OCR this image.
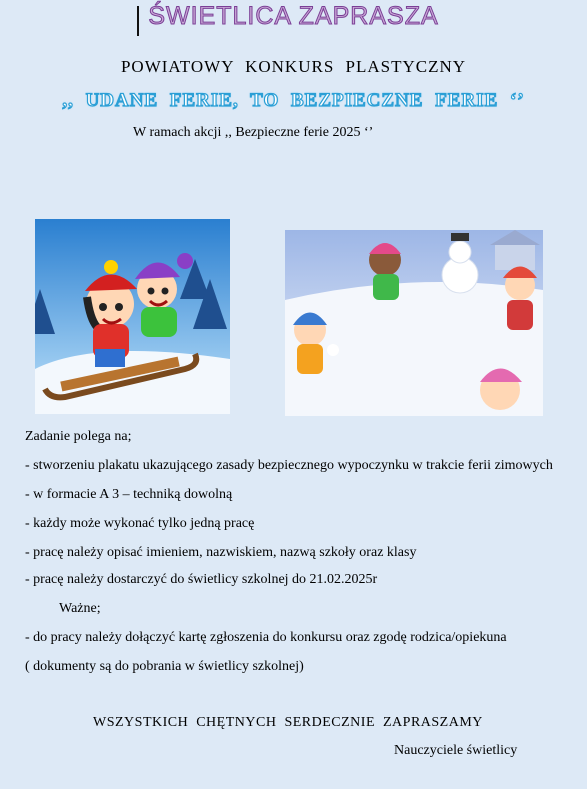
ŚWIETLICA ZAPRASZA
POWIATOWY KONKURS PLASTYCZNY
,, UDANE FERIE, TO BEZPIECZNE FERIE ‘’
W ramach akcji ,, Bezpieczne ferie 2025 ‘’
Zadanie polega na;
- stworzeniu plakatu ukazującego zasady bezpiecznego wypoczynku w trakcie ferii zimowych
- w formacie A 3 – techniką dowolną
- każdy może wykonać tylko jedną pracę
- pracę należy opisać imieniem, nazwiskiem, nazwą szkoły oraz klasy
- pracę należy dostarczyć do świetlicy szkolnej do 21.02.2025r
Ważne;
- do pracy należy dołączyć kartę zgłoszenia do konkursu oraz zgodę rodzica/opiekuna
( dokumenty są do pobrania w świetlicy szkolnej)
WSZYSTKICH CHĘTNYCH SERDECZNIE ZAPRASZAMY
Nauczyciele świetlicy
